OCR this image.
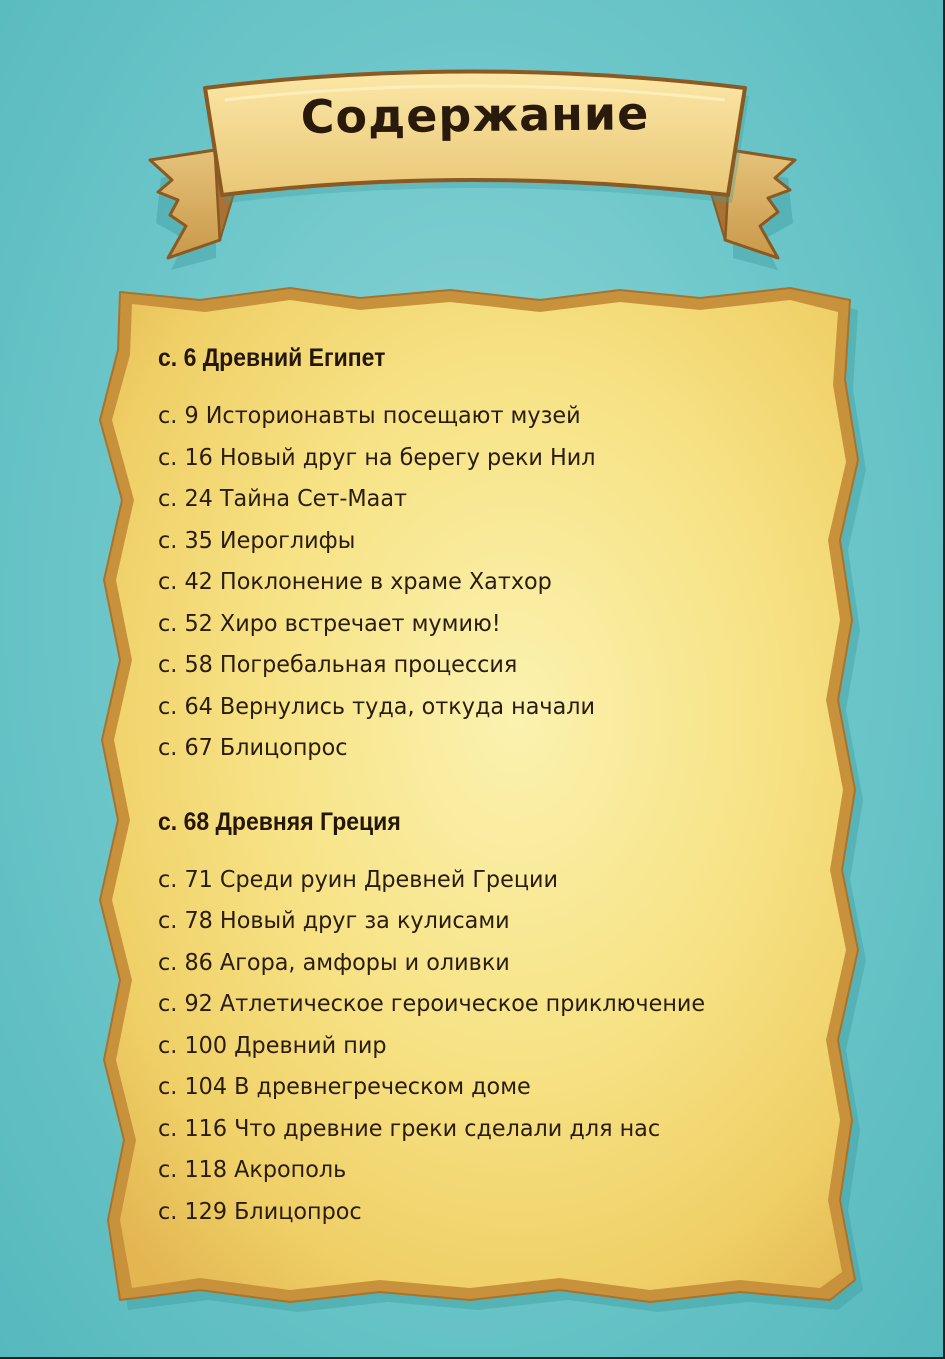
Содержание
с. 6 Древний Египет
с. 9 Историонавты посещают музей
с. 16 Новый друг на берегу реки Нил
с. 24 Тайна Сет-Маат
с. 35 Иероглифы
с. 42 Поклонение в храме Хатхор
с. 52 Хиро встречает мумию!
с. 58 Погребальная процессия
с. 64 Вернулись туда, откуда начали
с. 67 Блицопрос
с. 68 Древняя Греция
с. 71 Среди руин Древней Греции
с. 78 Новый друг за кулисами
с. 86 Агора, амфоры и оливки
с. 92 Атлетическое героическое приключение
с. 100 Древний пир
с. 104 В древнегреческом доме
с. 116 Что древние греки сделали для нас
с. 118 Акрополь
с. 129 Блицопрос
